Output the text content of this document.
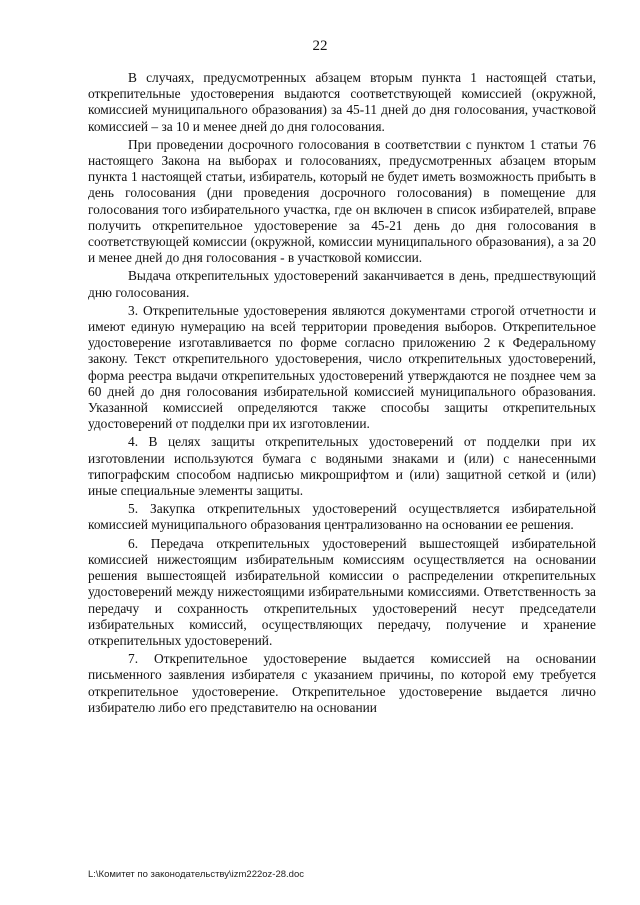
22

В случаях, предусмотренных абзацем вторым пункта 1 настоящей статьи, открепительные удостоверения выдаются соответствующей комиссией (окружной, комиссией муниципального образования) за 45-11 дней до дня голосования, участковой комиссией – за 10 и менее дней до дня голосования.

При проведении досрочного голосования в соответствии с пунктом 1 статьи 76 настоящего Закона на выборах и голосованиях, предусмотренных абзацем вторым пункта 1 настоящей статьи, избиратель, который не будет иметь возможность прибыть в день голосования (дни проведения досрочного голосования) в помещение для голосования того избирательного участка, где он включен в список избирателей, вправе получить открепительное удостоверение за 45-21 день до дня голосования в соответствующей комиссии (окружной, комиссии муниципального образования), а за 20 и менее дней до дня голосования - в участковой комиссии.

Выдача открепительных удостоверений заканчивается в день, предшествующий дню голосования.

3. Открепительные удостоверения являются документами строгой отчетности и имеют единую нумерацию на всей территории проведения выборов. Открепительное удостоверение изготавливается по форме согласно приложению 2 к Федеральному закону. Текст открепительного удостоверения, число открепительных удостоверений, форма реестра выдачи открепительных удостоверений утверждаются не позднее чем за 60 дней до дня голосования избирательной комиссией муниципального образования. Указанной комиссией определяются также способы защиты открепительных удостоверений от подделки при их изготовлении.

4. В целях защиты открепительных удостоверений от подделки при их изготовлении используются бумага с водяными знаками и (или) с нанесенными типографским способом надписью микрошрифтом и (или) защитной сеткой и (или) иные специальные элементы защиты.

5. Закупка открепительных удостоверений осуществляется избирательной комиссией муниципального образования централизованно на основании ее решения.

6. Передача открепительных удостоверений вышестоящей избирательной комиссией нижестоящим избирательным комиссиям осуществляется на основании решения вышестоящей избирательной комиссии о распределении открепительных удостоверений между нижестоящими избирательными комиссиями. Ответственность за передачу и сохранность открепительных удостоверений несут председатели избирательных комиссий, осуществляющих передачу, получение и хранение открепительных удостоверений.

7. Открепительное удостоверение выдается комиссией на основании письменного заявления избирателя с указанием причины, по которой ему требуется открепительное удостоверение. Открепительное удостоверение выдается лично избирателю либо его представителю на основании

L:\Комитет по законодательству\izm222oz-28.doc
